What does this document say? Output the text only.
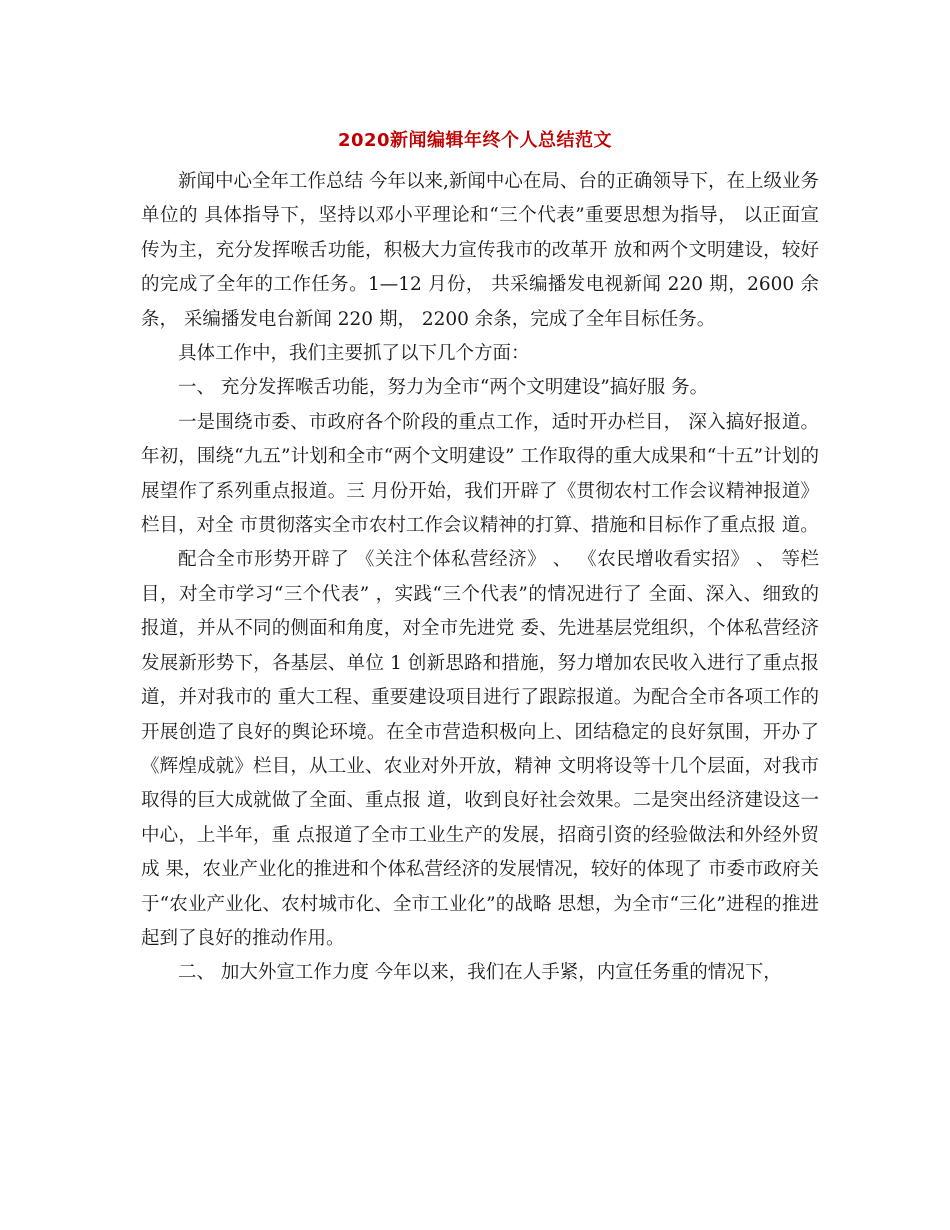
2020新闻编辑年终个人总结范文

新闻中心全年工作总结 今年以来,新闻中心在局、台的正确领导下，在上级业务单位的 具体指导下，坚持以邓小平理论和“三个代表”重要思想为指导， 以正面宣传为主，充分发挥喉舌功能，积极大力宣传我市的改革开 放和两个文明建设，较好的完成了全年的工作任务。1—12 月份， 共采编播发电视新闻 220 期，2600 余条， 采编播发电台新闻 220 期， 2200 余条，完成了全年目标任务。

具体工作中，我们主要抓了以下几个方面：

一、 充分发挥喉舌功能，努力为全市“两个文明建设”搞好服 务。

一是围绕市委、市政府各个阶段的重点工作，适时开办栏目， 深入搞好报道。年初，围绕“九五”计划和全市“两个文明建设” 工作取得的重大成果和“十五”计划的展望作了系列重点报道。三 月份开始，我们开辟了《贯彻农村工作会议精神报道》栏目，对全 市贯彻落实全市农村工作会议精神的打算、措施和目标作了重点报 道。

配合全市形势开辟了 《关注个体私营经济》 、 《农民增收看实招》 、 等栏目，对全市学习“三个代表” ，实践“三个代表”的情况进行了 全面、深入、细致的报道，并从不同的侧面和角度，对全市先进党 委、先进基层党组织，个体私营经济发展新形势下，各基层、单位 1 创新思路和措施，努力增加农民收入进行了重点报道，并对我市的 重大工程、重要建设项目进行了跟踪报道。为配合全市各项工作的 开展创造了良好的舆论环境。在全市营造积极向上、团结稳定的良好氛围，开办了《辉煌成就》栏目，从工业、农业对外开放，精神 文明将设等十几个层面，对我市取得的巨大成就做了全面、重点报 道，收到良好社会效果。二是突出经济建设这一中心，上半年，重 点报道了全市工业生产的发展，招商引资的经验做法和外经外贸成 果，农业产业化的推进和个体私营经济的发展情况，较好的体现了 市委市政府关于“农业产业化、农村城市化、全市工业化”的战略 思想，为全市“三化”进程的推进起到了良好的推动作用。

二、 加大外宣工作力度 今年以来，我们在人手紧，内宣任务重的情况下，
